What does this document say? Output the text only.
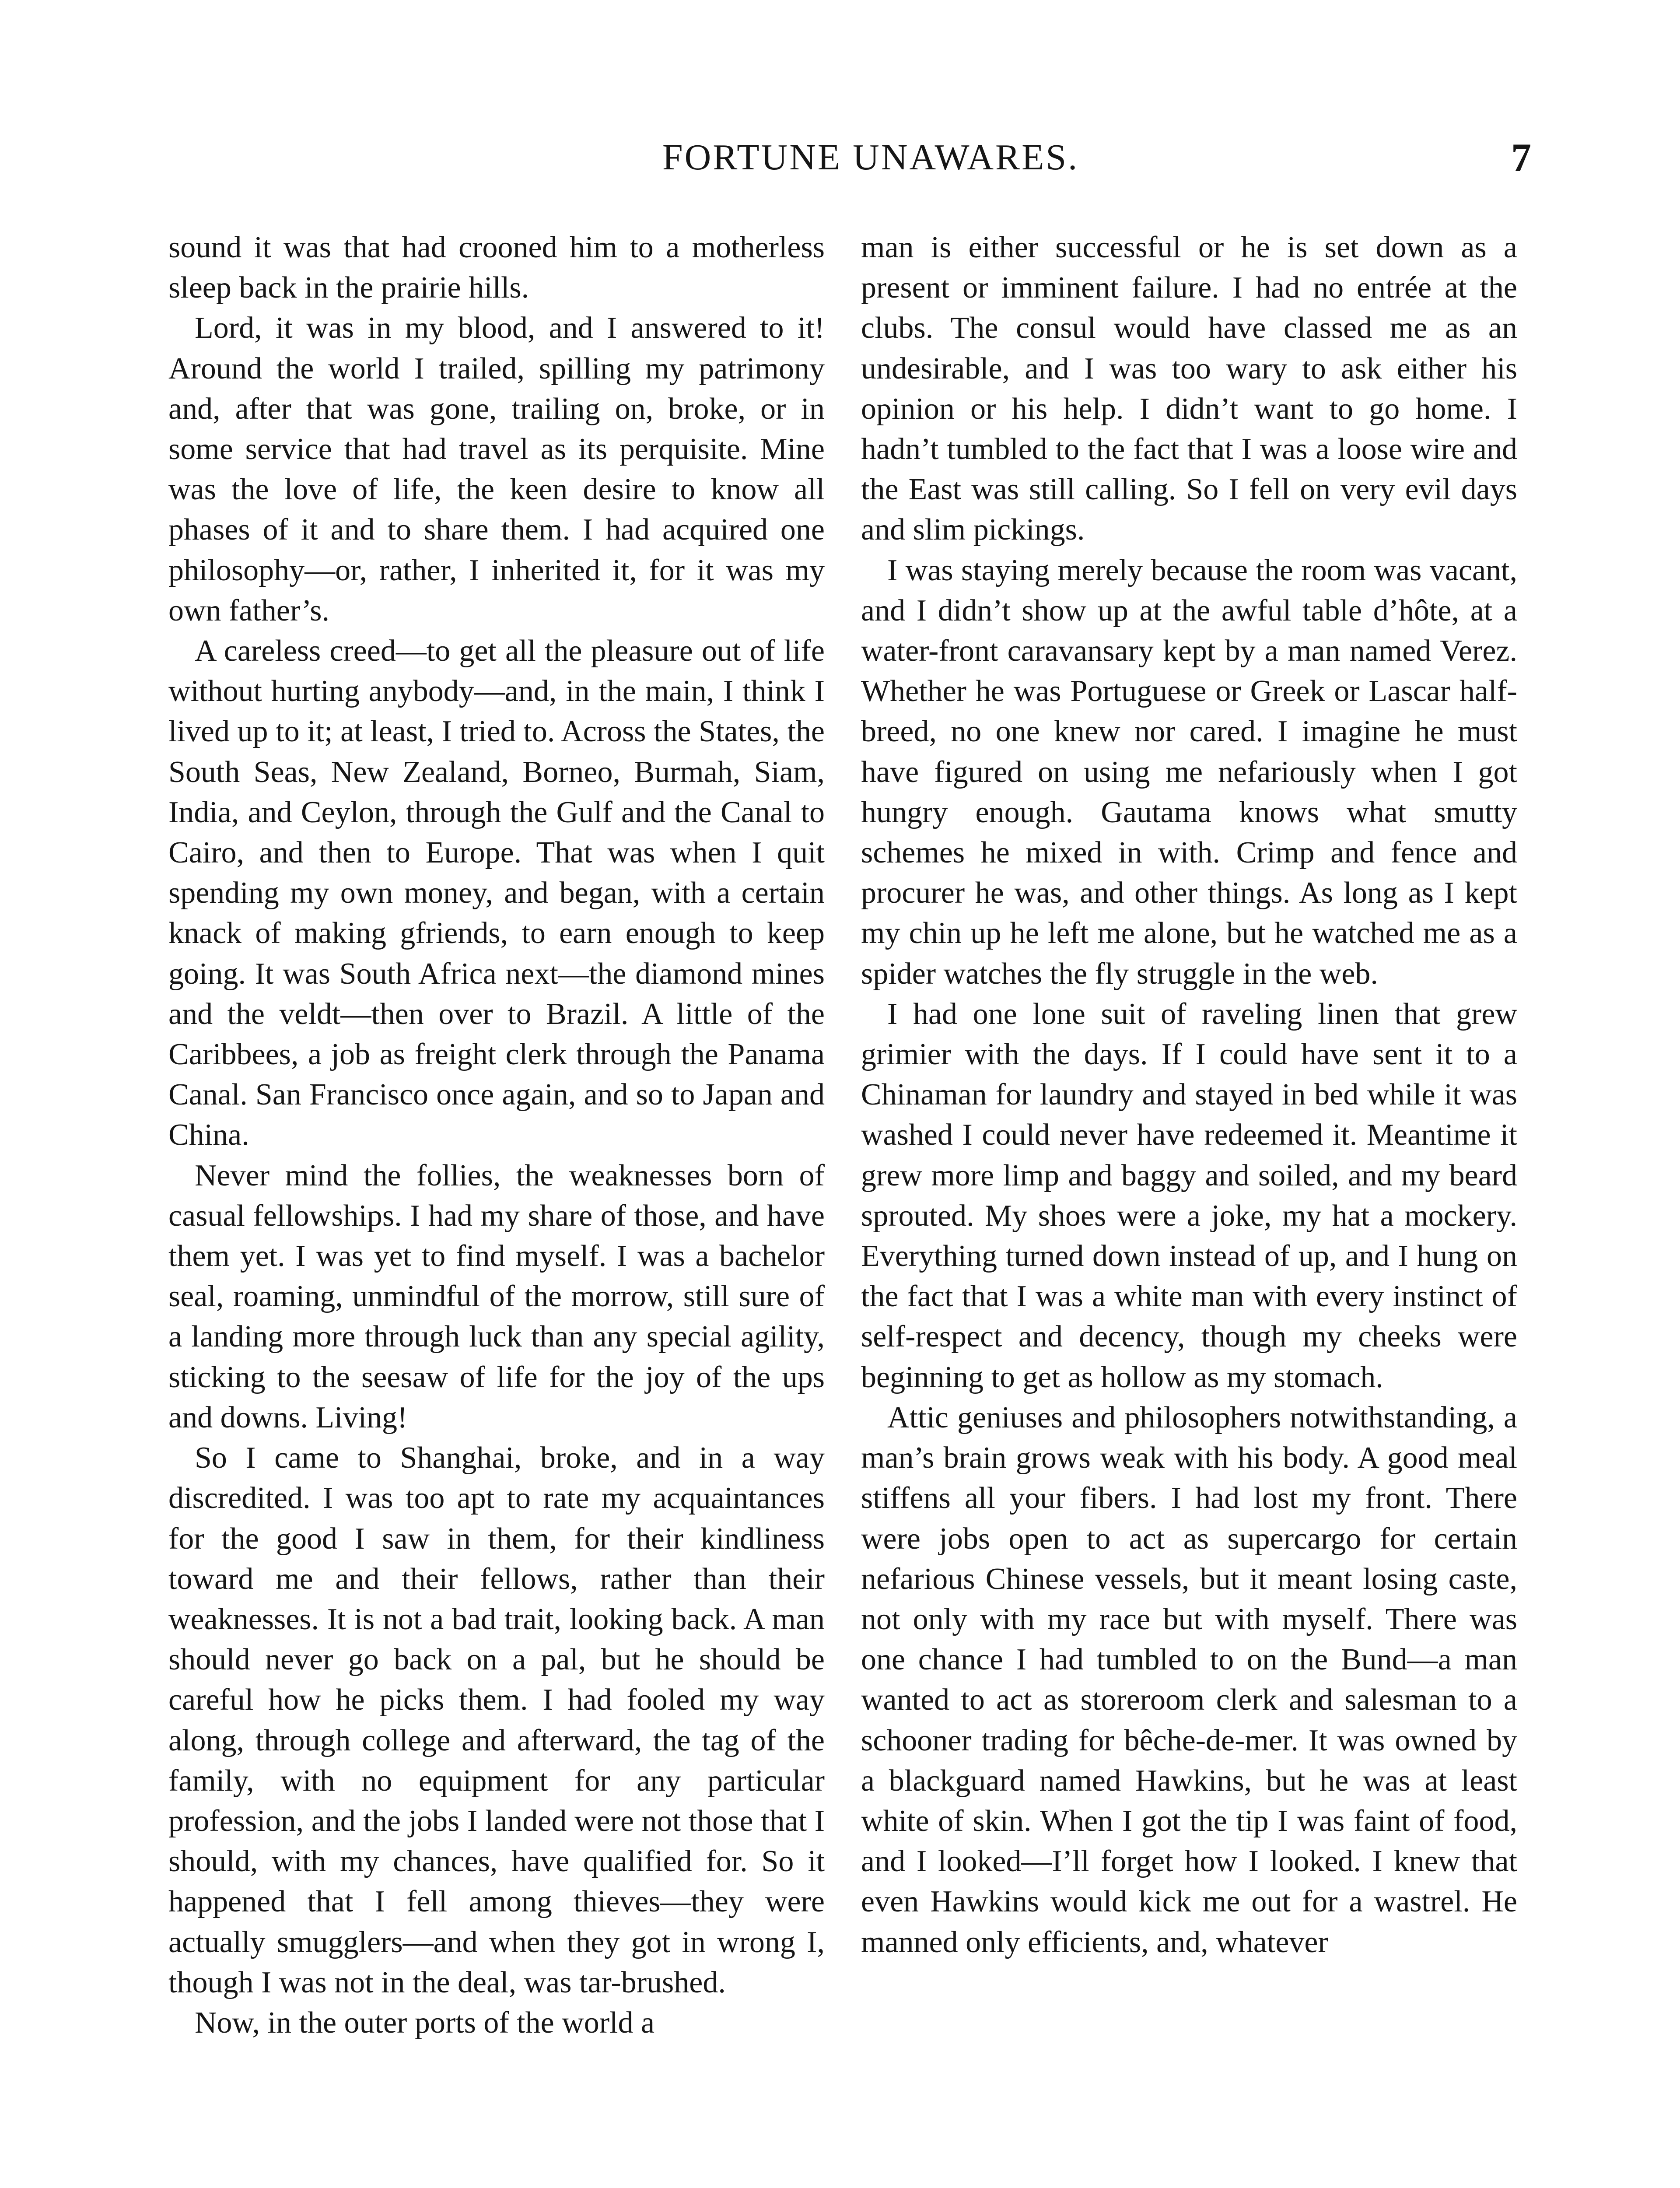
FORTUNE UNAWARES.	7

sound it was that had crooned him to a motherless sleep back in the prairie hills.

Lord, it was in my blood, and I answered to it! Around the world I trailed, spilling my patrimony and, after that was gone, trailing on, broke, or in some service that had travel as its perquisite. Mine was the love of life, the keen desire to know all phases of it and to share them. I had acquired one philosophy—or, rather, I inherited it, for it was my own father’s.

A careless creed—to get all the pleasure out of life without hurting anybody—and, in the main, I think I lived up to it; at least, I tried to. Across the States, the South Seas, New Zealand, Borneo, Burmah, Siam, India, and Ceylon, through the Gulf and the Canal to Cairo, and then to Europe. That was when I quit spending my own money, and began, with a certain knack of making gfriends, to earn enough to keep going. It was South Africa next—the diamond mines and the veldt—then over to Brazil. A little of the Caribbees, a job as freight clerk through the Panama Canal. San Francisco once again, and so to Japan and China.

Never mind the follies, the weaknesses born of casual fellowships. I had my share of those, and have them yet. I was yet to find myself. I was a bachelor seal, roaming, unmindful of the morrow, still sure of a landing more through luck than any special agility, sticking to the seesaw of life for the joy of the ups and downs. Living!

So I came to Shanghai, broke, and in a way discredited. I was too apt to rate my acquaintances for the good I saw in them, for their kindliness toward me and their fellows, rather than their weaknesses. It is not a bad trait, looking back. A man should never go back on a pal, but he should be careful how he picks them. I had fooled my way along, through college and afterward, the tag of the family, with no equipment for any particular profession, and the jobs I landed were not those that I should, with my chances, have qualified for. So it happened that I fell among thieves—they were actually smugglers—and when they got in wrong I, though I was not in the deal, was tar-brushed.

Now, in the outer ports of the world a

man is either successful or he is set down as a present or imminent failure. I had no entrée at the clubs. The consul would have classed me as an undesirable, and I was too wary to ask either his opinion or his help. I didn’t want to go home. I hadn’t tumbled to the fact that I was a loose wire and the East was still calling. So I fell on very evil days and slim pickings.

I was staying merely because the room was vacant, and I didn’t show up at the awful table d’hôte, at a water-front caravansary kept by a man named Verez. Whether he was Portuguese or Greek or Lascar half-breed, no one knew nor cared. I imagine he must have figured on using me nefariously when I got hungry enough. Gautama knows what smutty schemes he mixed in with. Crimp and fence and procurer he was, and other things. As long as I kept my chin up he left me alone, but he watched me as a spider watches the fly struggle in the web.

I had one lone suit of raveling linen that grew grimier with the days. If I could have sent it to a Chinaman for laundry and stayed in bed while it was washed I could never have redeemed it. Meantime it grew more limp and baggy and soiled, and my beard sprouted. My shoes were a joke, my hat a mockery. Everything turned down instead of up, and I hung on the fact that I was a white man with every instinct of self-respect and decency, though my cheeks were beginning to get as hollow as my stomach.

Attic geniuses and philosophers notwithstanding, a man’s brain grows weak with his body. A good meal stiffens all your fibers. I had lost my front. There were jobs open to act as supercargo for certain nefarious Chinese vessels, but it meant losing caste, not only with my race but with myself. There was one chance I had tumbled to on the Bund—a man wanted to act as storeroom clerk and salesman to a schooner trading for bêche-de-mer. It was owned by a blackguard named Hawkins, but he was at least white of skin. When I got the tip I was faint of food, and I looked—I’ll forget how I looked. I knew that even Hawkins would kick me out for a wastrel. He manned only efficients, and, whatever
